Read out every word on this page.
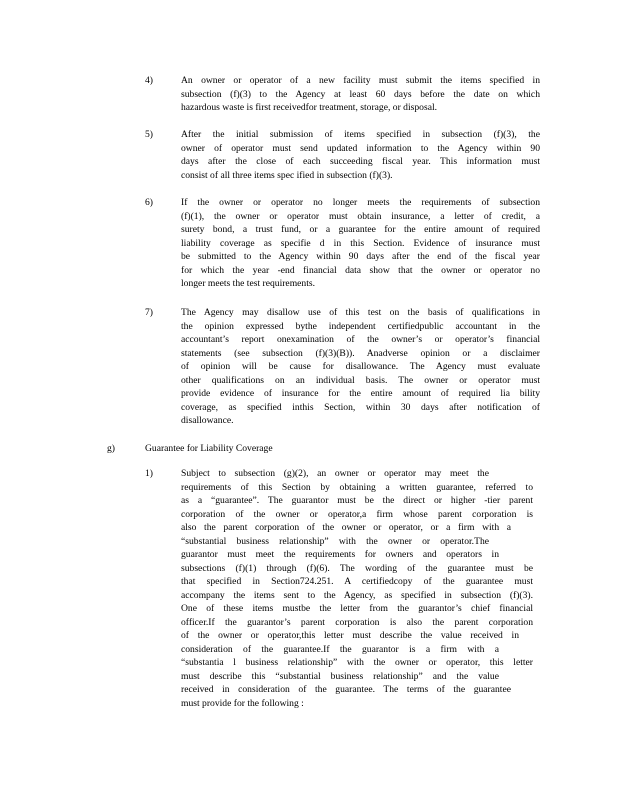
4)	An owner or operator of a new facility must submit the items specified in
subsection (f)(3) to the Agency at least 60 days before the date on which
hazardous waste is first receivedfor treatment, storage, or disposal.
5)	After the initial submission of items specified in subsection (f)(3), the
owner of operator must send updated information to the Agency within 90
days after the close of each succeeding fiscal year. This information must
consist of all three items spec ified in subsection (f)(3).
6)	If the owner or operator no longer meets the requirements of subsection
(f)(1), the owner or operator must obtain insurance, a letter of credit, a
surety bond, a trust fund, or a guarantee for the entire amount of required
liability coverage as specifie d in this Section. Evidence of insurance must
be submitted to the Agency within 90 days after the end of the fiscal year
for which the year -end financial data show that the owner or operator no
longer meets the test requirements.
7)	The Agency may disallow use of this test on the basis of qualifications in
the opinion expressed bythe independent certifiedpublic accountant in the
accountant’s report onexamination of the owner’s or operator’s financial
statements (see subsection (f)(3)(B)). Anadverse opinion or a disclaimer
of opinion will be cause for disallowance. The Agency must evaluate
other qualifications on an individual basis. The owner or operator must
provide evidence of insurance for the entire amount of required lia bility
coverage, as specified inthis Section, within 30 days after notification of
disallowance.
g)	Guarantee for Liability Coverage
1)	Subject to subsection (g)(2), an owner or operator may meet the
requirements of this Section by obtaining a written guarantee, referred to
as a “guarantee”. The guarantor must be the direct or higher -tier parent
corporation of the owner or operator,a firm whose parent corporation is
also the parent corporation of the owner or operator, or a firm with a
“substantial business relationship” with the owner or operator.The
guarantor must meet the requirements for owners and operators in
subsections (f)(1) through (f)(6). The wording of the guarantee must be
that specified in Section724.251. A certifiedcopy of the guarantee must
accompany the items sent to the Agency, as specified in subsection (f)(3).
One of these items mustbe the letter from the guarantor’s chief financial
officer.If the guarantor’s parent corporation is also the parent corporation
of the owner or operator,this letter must describe the value received in
consideration of the guarantee.If the guarantor is a firm with a
“substantia l business relationship” with the owner or operator, this letter
must describe this “substantial business relationship” and the value
received in consideration of the guarantee. The terms of the guarantee
must provide for the following :
